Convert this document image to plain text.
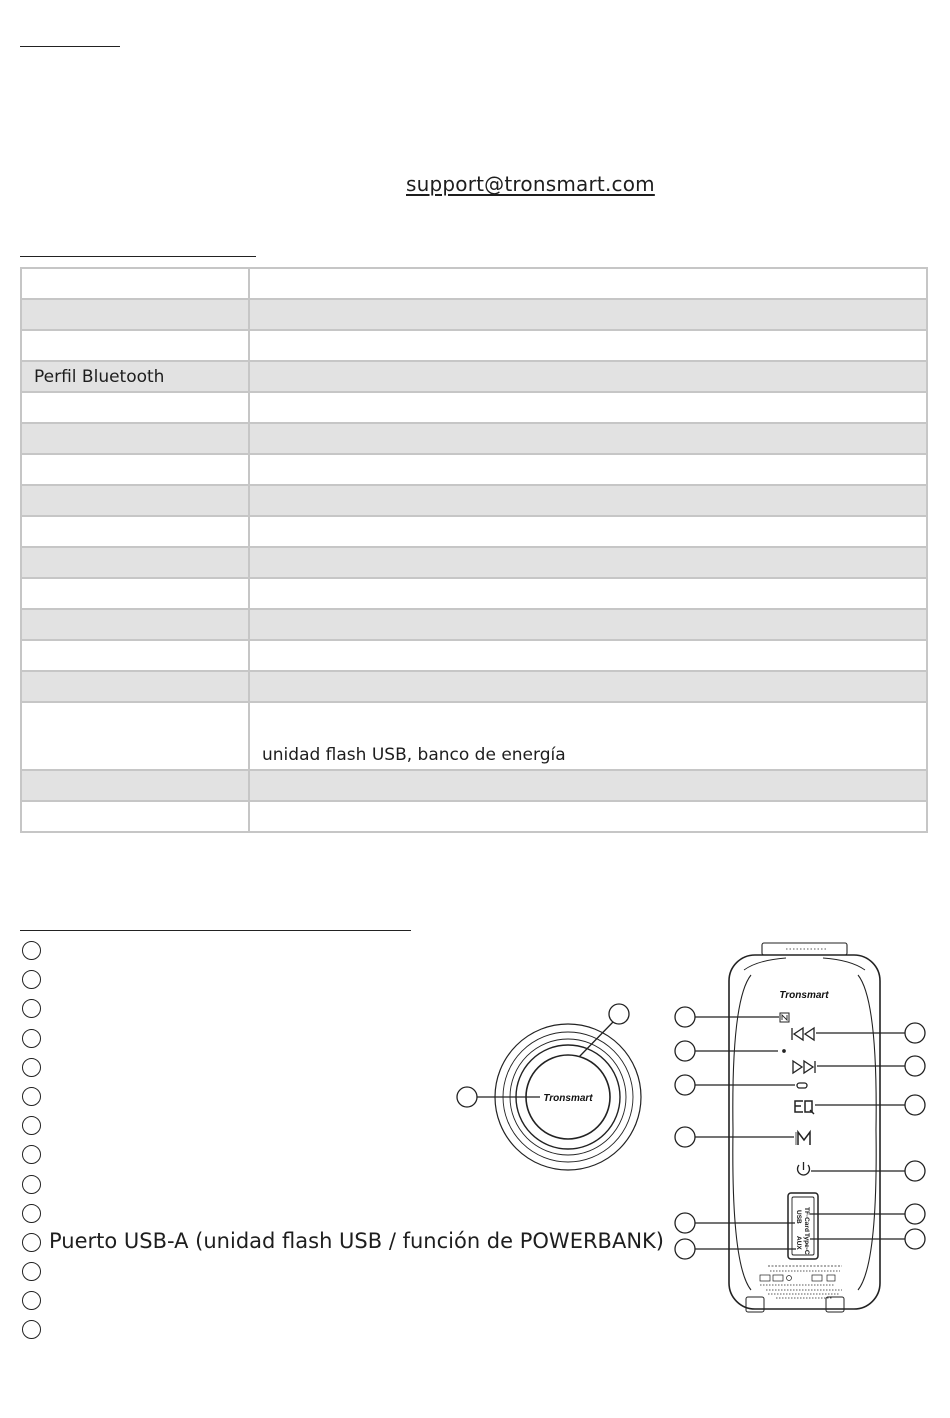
support@tronsmart.com

Perfil Bluetooth	

	unidad flash USB, banco de energía

Puerto USB-A (unidad flash USB / función de POWERBANK)
Tronsmart
Tronsmart
USB
AUX
TF·Card
Type-C
